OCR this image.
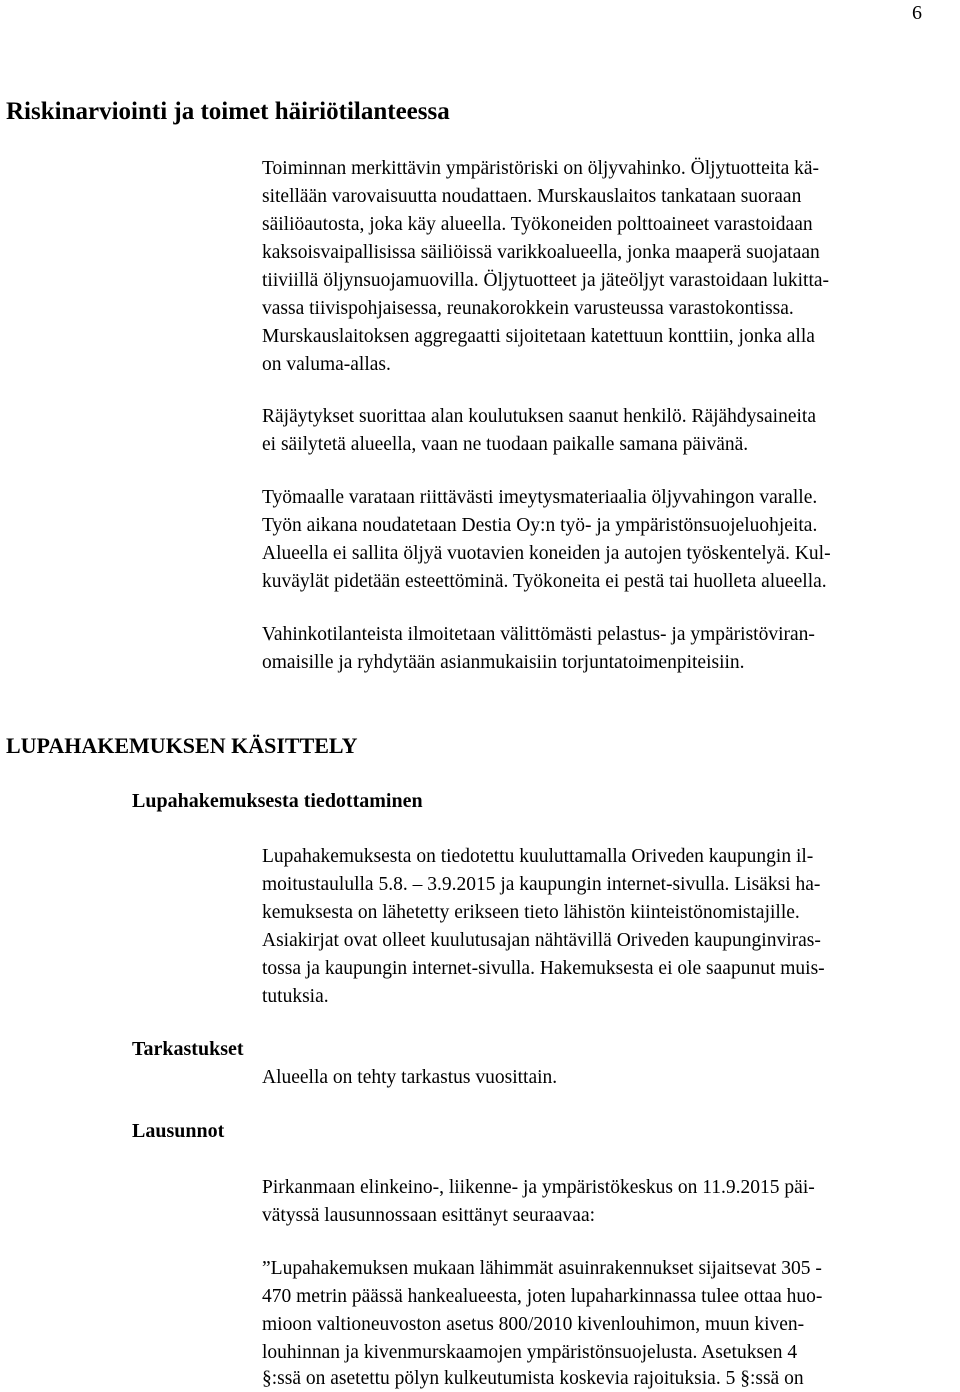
6
Riskinarviointi ja toimet häiriötilanteessa
Toiminnan merkittävin ympäristöriski on öljyvahinko. Öljytuotteita kä-
sitellään varovaisuutta noudattaen. Murskauslaitos tankataan suoraan
säiliöautosta, joka käy alueella. Työkoneiden polttoaineet varastoidaan
kaksoisvaipallisissa säiliöissä varikkoalueella, jonka maaperä suojataan
tiiviillä öljynsuojamuovilla. Öljytuotteet ja jäteöljyt varastoidaan lukitta-
vassa tiivispohjaisessa, reunakorokkein varusteussa varastokontissa.
Murskauslaitoksen aggregaatti sijoitetaan katettuun konttiin, jonka alla
on valuma-allas.
Räjäytykset suorittaa alan koulutuksen saanut henkilö. Räjähdysaineita
ei säilytetä alueella, vaan ne tuodaan paikalle samana päivänä.
Työmaalle varataan riittävästi imeytysmateriaalia öljyvahingon varalle.
Työn aikana noudatetaan Destia Oy:n työ- ja ympäristönsuojeluohjeita.
Alueella ei sallita öljyä vuotavien koneiden ja autojen työskentelyä. Kul-
kuväylät pidetään esteettöminä. Työkoneita ei pestä tai huolleta alueella.
Vahinkotilanteista ilmoitetaan välittömästi pelastus- ja ympäristöviran-
omaisille ja ryhdytään asianmukaisiin torjuntatoimenpiteisiin.
LUPAHAKEMUKSEN KÄSITTELY
Lupahakemuksesta tiedottaminen
Lupahakemuksesta on tiedotettu kuuluttamalla Oriveden kaupungin il-
moitustaululla 5.8. – 3.9.2015 ja kaupungin internet-sivulla. Lisäksi ha-
kemuksesta on lähetetty erikseen tieto lähistön kiinteistönomistajille.
Asiakirjat ovat olleet kuulutusajan nähtävillä Oriveden kaupunginviras-
tossa ja kaupungin internet-sivulla. Hakemuksesta ei ole saapunut muis-
tutuksia.
Tarkastukset
Alueella on tehty tarkastus vuosittain.
Lausunnot
Pirkanmaan elinkeino-, liikenne- ja ympäristökeskus on 11.9.2015 päi-
vätyssä lausunnossaan esittänyt seuraavaa:
”Lupahakemuksen mukaan lähimmät asuinrakennukset sijaitsevat 305 -
470 metrin päässä hankealueesta, joten lupaharkinnassa tulee ottaa huo-
mioon valtioneuvoston asetus 800/2010 kivenlouhimon, muun kiven-
louhinnan ja kivenmurskaamojen ympäristönsuojelusta. Asetuksen 4
§:ssä on asetettu pölyn kulkeutumista koskevia rajoituksia. 5 §:ssä on
